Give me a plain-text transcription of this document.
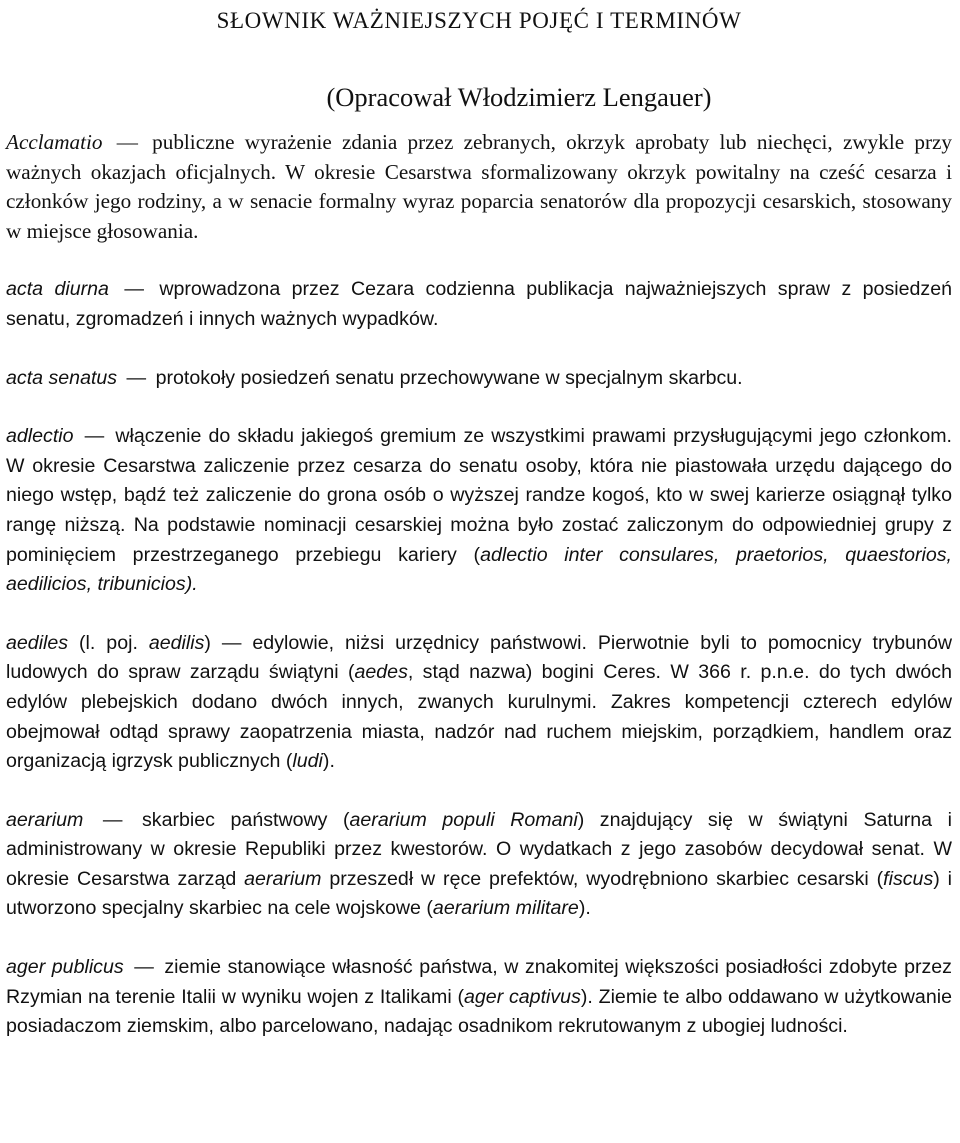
SŁOWNIK WAŻNIEJSZYCH POJĘĆ I TERMINÓW
(Opracował Włodzimierz Lengauer)

Acclamatio — publiczne wyrażenie zdania przez zebranych, okrzyk aprobaty lub niechęci, zwykle przy ważnych okazjach oficjalnych. W okresie Cesarstwa sformalizowany okrzyk powitalny na cześć cesarza i członków jego rodziny, a w senacie formalny wyraz poparcia senatorów dla propozycji cesarskich, stosowany w miejsce głosowania.

acta diurna — wprowadzona przez Cezara codzienna publikacja najważniejszych spraw z posiedzeń senatu, zgromadzeń i innych ważnych wypadków.

acta senatus — protokoły posiedzeń senatu przechowywane w specjalnym skarbcu.

adlectio — włączenie do składu jakiegoś gremium ze wszystkimi prawami przysługującymi jego członkom. W okresie Cesarstwa zaliczenie przez cesarza do senatu osoby, która nie piastowała urzędu dającego do niego wstęp, bądź też zaliczenie do grona osób o wyższej randze kogoś, kto w swej karierze osiągnął tylko rangę niższą. Na podstawie nominacji cesarskiej można było zostać zaliczonym do odpowiedniej grupy z pominięciem przestrzeganego przebiegu kariery (adlectio inter consulares, praetorios, quaestorios, aedilicios, tribunicios).

aediles (l. poj. aedilis) — edylowie, niżsi urzędnicy państwowi. Pierwotnie byli to pomocnicy trybunów ludowych do spraw zarządu świątyni (aedes, stąd nazwa) bogini Ceres. W 366 r. p.n.e. do tych dwóch edylów plebejskich dodano dwóch innych, zwanych kurulnymi. Zakres kompetencji czterech edylów obejmował odtąd sprawy zaopatrzenia miasta, nadzór nad ruchem miejskim, porządkiem, handlem oraz organizacją igrzysk publicznych (ludi).

aerarium — skarbiec państwowy (aerarium populi Romani) znajdujący się w świątyni Saturna i administrowany w okresie Republiki przez kwestorów. O wydatkach z jego zasobów decydował senat. W okresie Cesarstwa zarząd aerarium przeszedł w ręce prefektów, wyodrębniono skarbiec cesarski (fiscus) i utworzono specjalny skarbiec na cele wojskowe (aerarium militare).

ager publicus — ziemie stanowiące własność państwa, w znakomitej większości posiadłości zdobyte przez Rzymian na terenie Italii w wyniku wojen z Italikami (ager captivus). Ziemie te albo oddawano w użytkowanie posiadaczom ziemskim, albo parcelowano, nadając osadnikom rekrutowanym z ubogiej ludności.
